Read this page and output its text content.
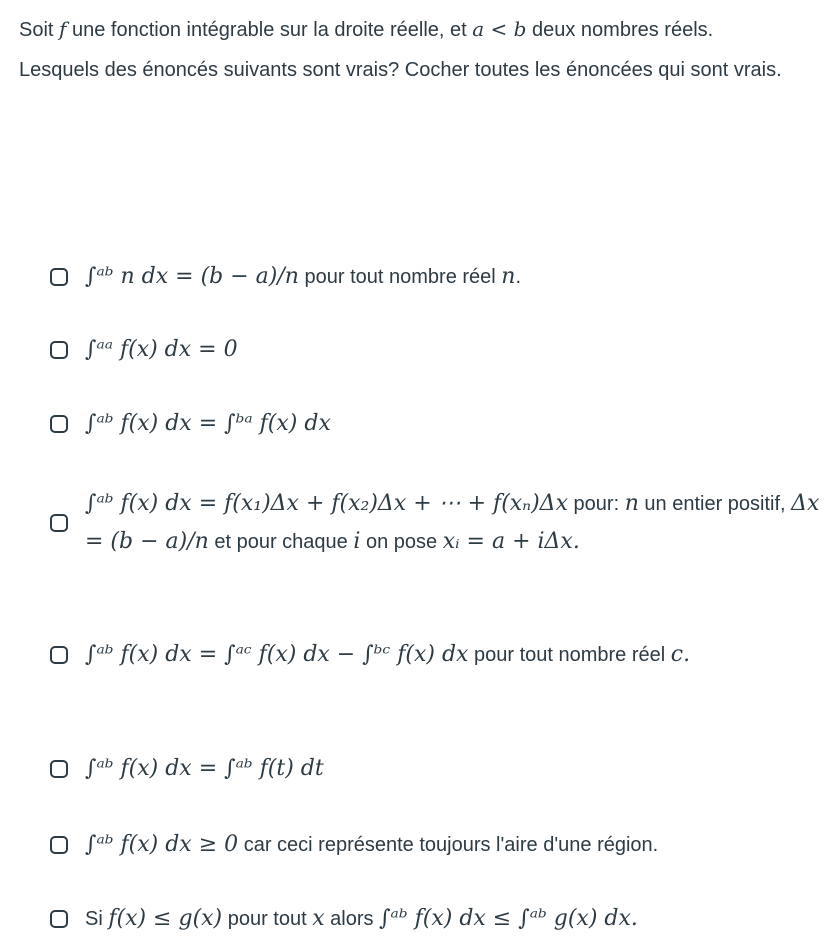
Soit f une fonction intégrable sur la droite réelle, et a < b deux nombres réels.

Lesquels des énoncés suivants sont vrais? Cocher toutes les énoncées qui sont vrais.

∫ᵃᵇ n dx = (b − a)/n pour tout nombre réel n.
∫ᵃᵃ f(x) dx = 0
∫ᵃᵇ f(x) dx = ∫ᵇᵃ f(x) dx
∫ᵃᵇ f(x) dx = f(x₁)Δx + f(x₂)Δx + ⋯ + f(xₙ)Δx pour: n un entier positif, Δx = (b − a)/n et pour chaque i on pose xᵢ = a + iΔx.
∫ᵃᵇ f(x) dx = ∫ᵃᶜ f(x) dx − ∫ᵇᶜ f(x) dx pour tout nombre réel c.
∫ᵃᵇ f(x) dx = ∫ᵃᵇ f(t) dt
∫ᵃᵇ f(x) dx ≥ 0 car ceci représente toujours l'aire d'une région.
Si f(x) ≤ g(x) pour tout x alors ∫ᵃᵇ f(x) dx ≤ ∫ᵃᵇ g(x) dx.
